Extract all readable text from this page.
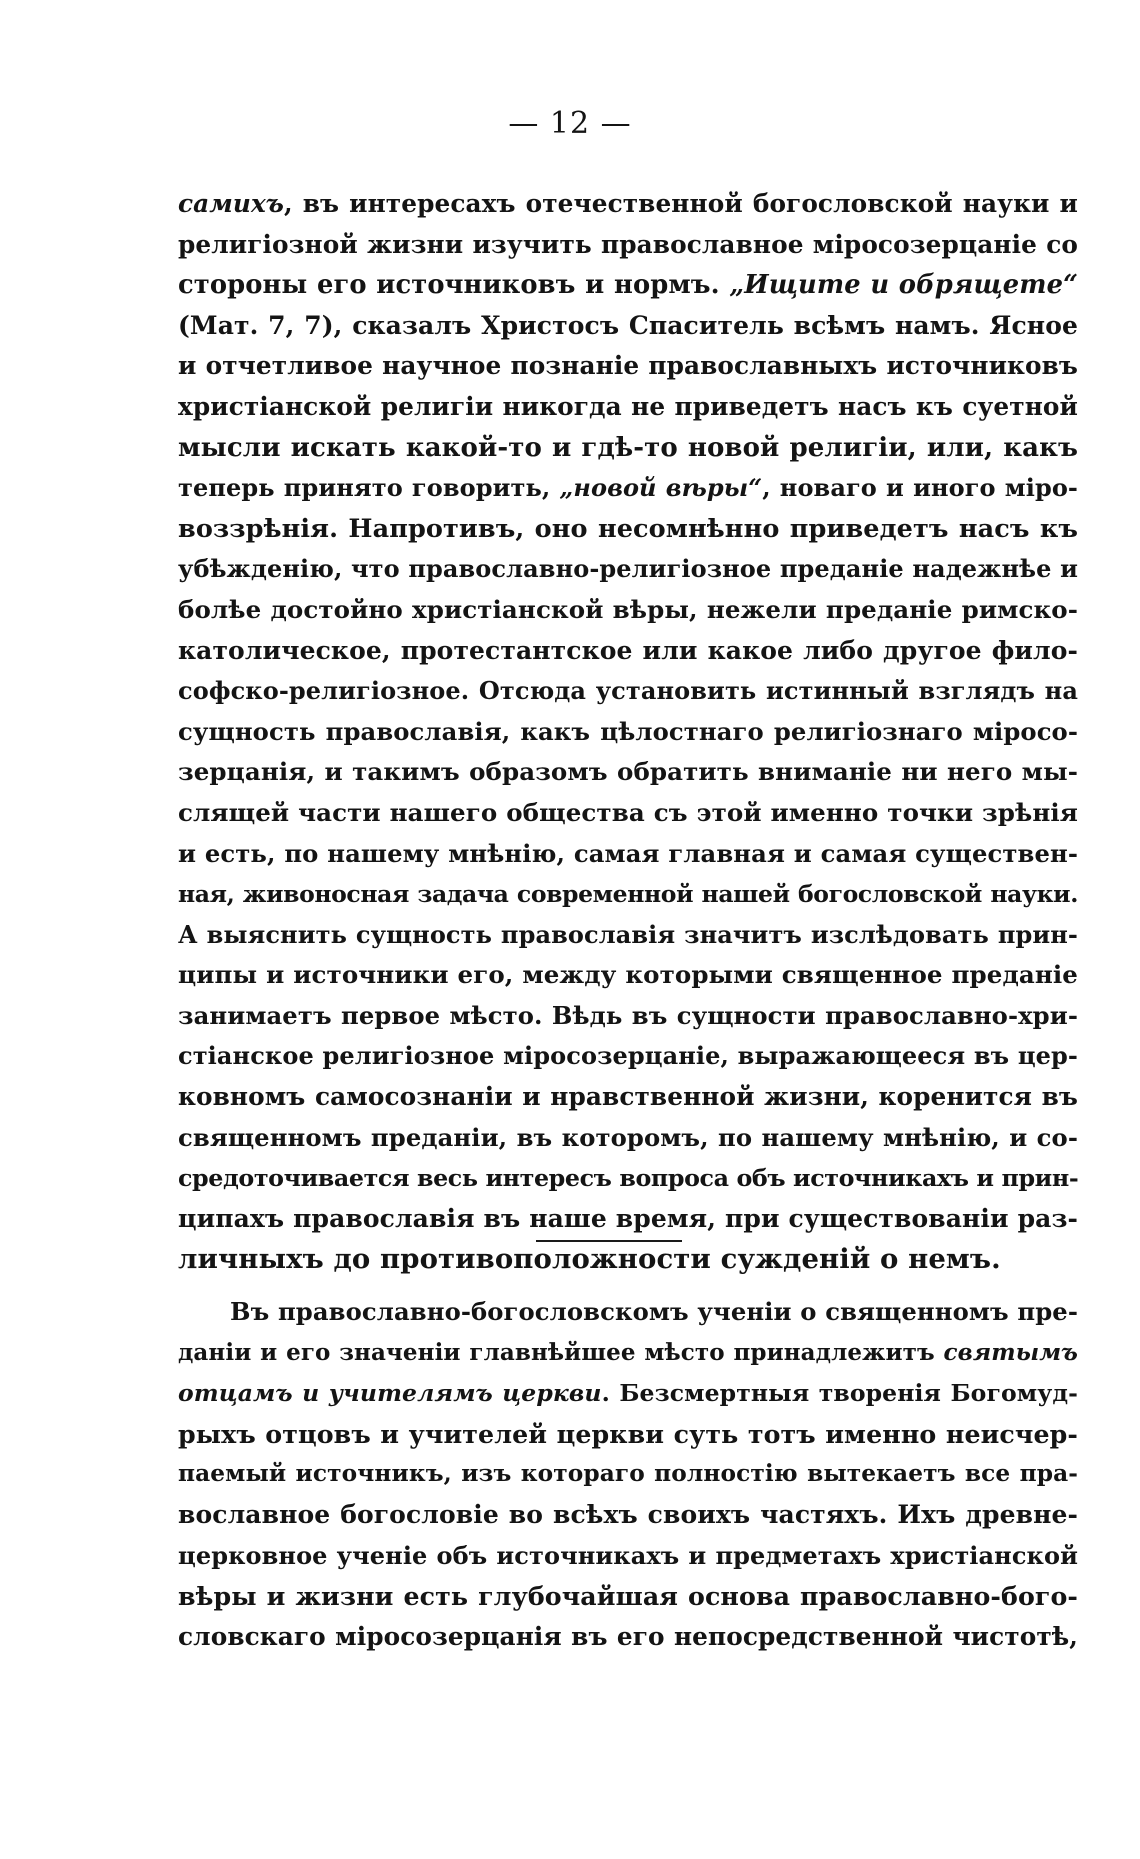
— 12 —
самихъ, въ интересахъ отечественной богословской науки и
религіозной жизни изучить православное міросозерцаніе со
стороны его источниковъ и нормъ. „Ищите и обрящете“
(Мат. 7, 7), сказалъ Христосъ Спаситель всѣмъ намъ. Ясное
и отчетливое научное познаніе православныхъ источниковъ
христіанской религіи никогда не приведетъ насъ къ суетной
мысли искать какой-то и гдѣ-то новой религіи, или, какъ
теперь принято говорить, „новой вѣры“, новаго и иного міро-
воззрѣнія. Напротивъ, оно несомнѣнно приведетъ насъ къ
убѣжденію, что православно-религіозное преданіе надежнѣе и
болѣе достойно христіанской вѣры, нежели преданіе римско-
католическое, протестантское или какое либо другое фило-
софско-религіозное. Отсюда установить истинный взглядъ на
сущность православія, какъ цѣлостнаго религіознаго міросо-
зерцанія, и такимъ образомъ обратить вниманіе ни него мы-
слящей части нашего общества съ этой именно точки зрѣнія
и есть, по нашему мнѣнію, самая главная и самая существен-
ная, живоносная задача современной нашей богословской науки.
А выяснить сущность православія значитъ изслѣдовать прин-
ципы и источники его, между которыми священное преданіе
занимаетъ первое мѣсто. Вѣдь въ сущности православно-хри-
стіанское религіозное міросозерцаніе, выражающееся въ цер-
ковномъ самосознаніи и нравственной жизни, коренится въ
священномъ преданіи, въ которомъ, по нашему мнѣнію, и со-
средоточивается весь интересъ вопроса объ источникахъ и прин-
ципахъ православія въ наше время, при существованіи раз-
личныхъ до противоположности сужденій о немъ.
Въ православно-богословскомъ ученіи о священномъ пре-
даніи и его значеніи главнѣйшее мѣсто принадлежитъ святымъ
отцамъ и учителямъ церкви. Безсмертныя творенія Богомуд-
рыхъ отцовъ и учителей церкви суть тотъ именно неисчер-
паемый источникъ, изъ котораго полностію вытекаетъ все пра-
вославное богословіе во всѣхъ своихъ частяхъ. Ихъ древне-
церковное ученіе объ источникахъ и предметахъ христіанской
вѣры и жизни есть глубочайшая основа православно-бого-
словскаго міросозерцанія въ его непосредственной чистотѣ,
